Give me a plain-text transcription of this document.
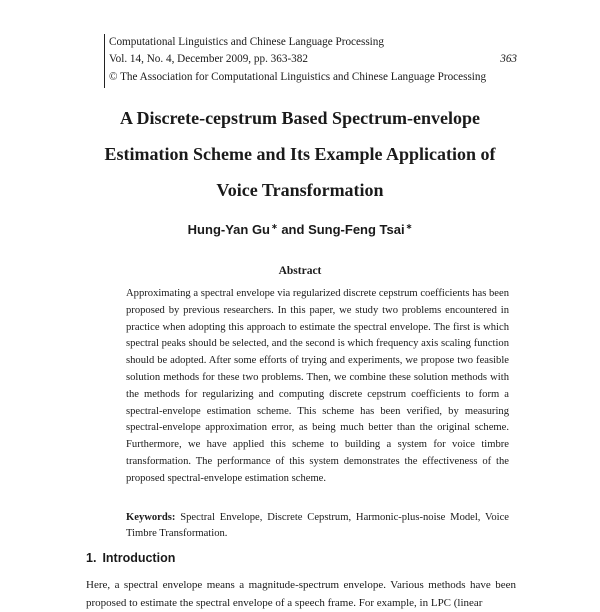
Computational Linguistics and Chinese Language Processing
Vol. 14, No. 4, December 2009, pp. 363-382	363
© The Association for Computational Linguistics and Chinese Language Processing
A Discrete-cepstrum Based Spectrum-envelope
Estimation Scheme and Its Example Application of
Voice Transformation
Hung-Yan Gu∗ and Sung-Feng Tsai∗
Abstract
Approximating a spectral envelope via regularized discrete cepstrum coefficients has been proposed by previous researchers. In this paper, we study two problems encountered in practice when adopting this approach to estimate the spectral envelope. The first is which spectral peaks should be selected, and the second is which frequency axis scaling function should be adopted. After some efforts of trying and experiments, we propose two feasible solution methods for these two problems. Then, we combine these solution methods with the methods for regularizing and computing discrete cepstrum coefficients to form a spectral-envelope estimation scheme. This scheme has been verified, by measuring spectral-envelope approximation error, as being much better than the original scheme. Furthermore, we have applied this scheme to building a system for voice timbre transformation. The performance of this system demonstrates the effectiveness of the proposed spectral-envelope estimation scheme.
Keywords: Spectral Envelope, Discrete Cepstrum, Harmonic-plus-noise Model, Voice Timbre Transformation.
1. Introduction
Here, a spectral envelope means a magnitude-spectrum envelope. Various methods have been proposed to estimate the spectral envelope of a speech frame. For example, in LPC (linear
